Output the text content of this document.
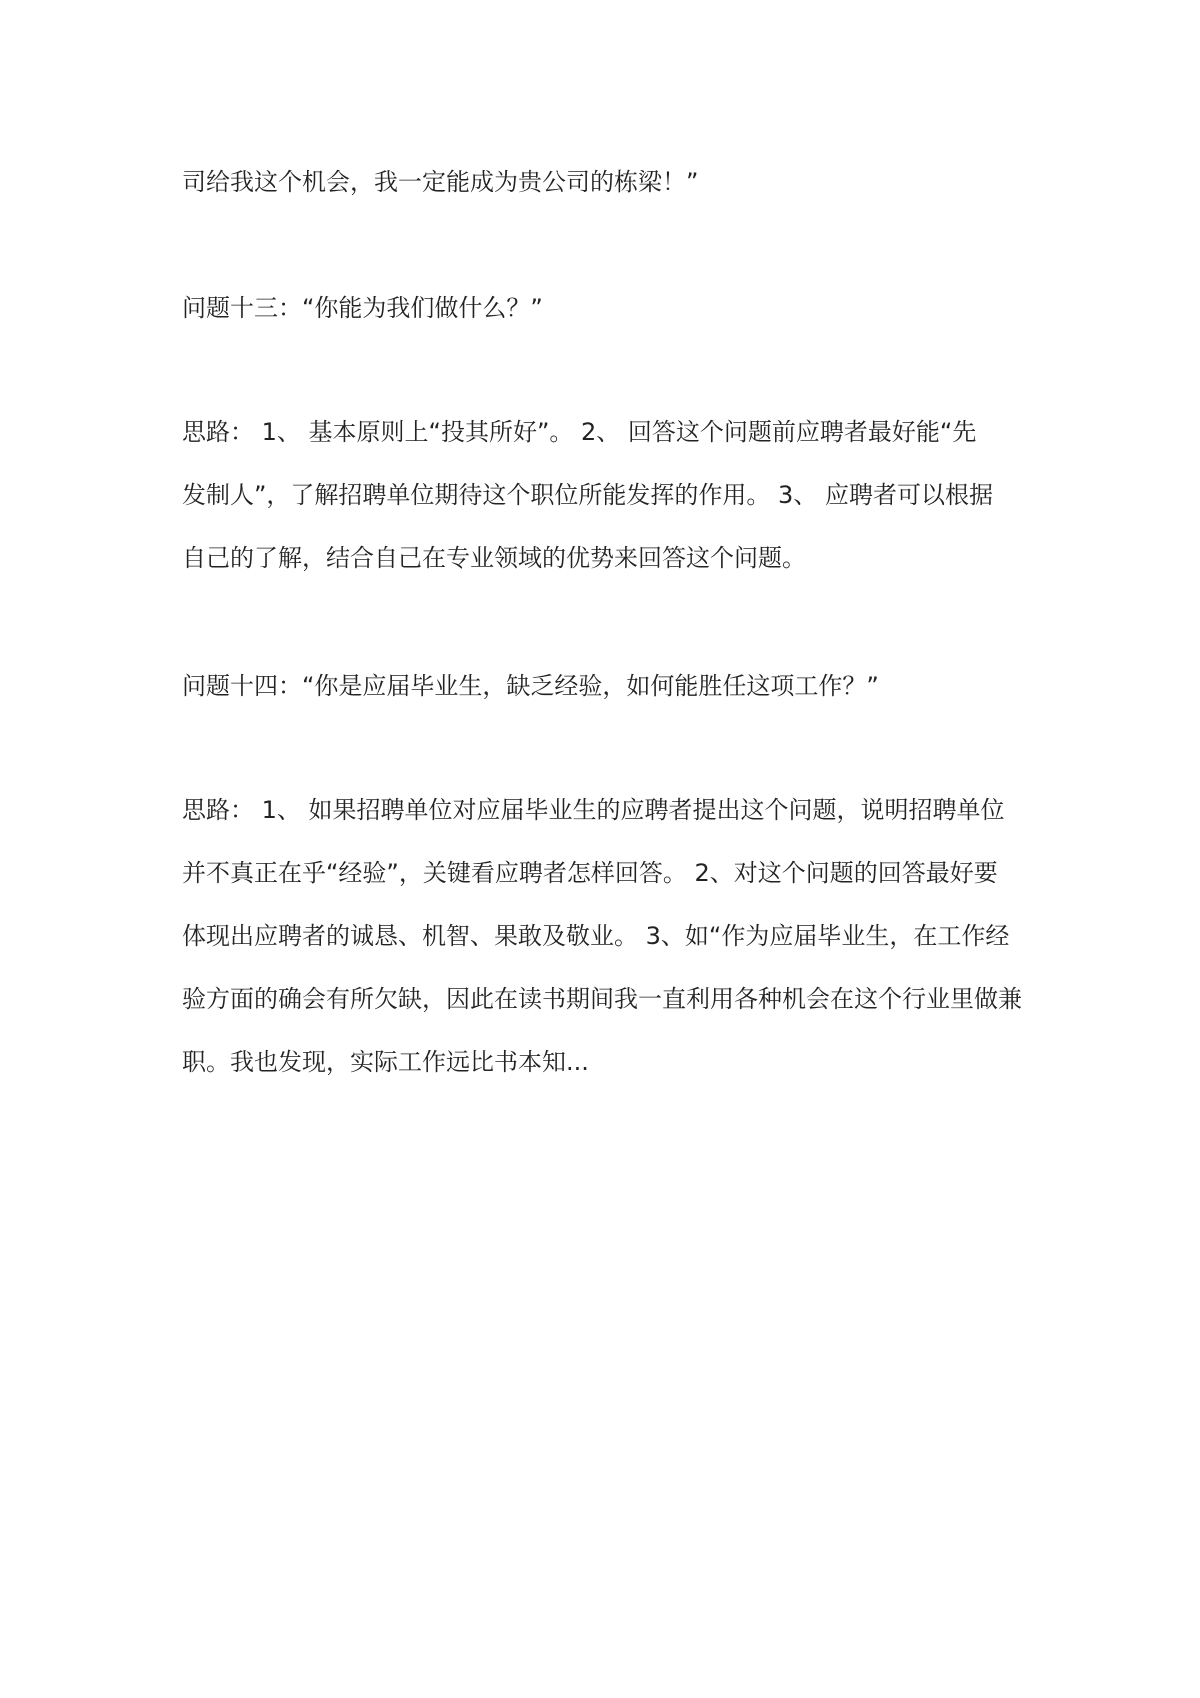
司给我这个机会，我一定能成为贵公司的栋梁！”

问题十三：“你能为我们做什么？”

思路： 1、 基本原则上“投其所好”。 2、 回答这个问题前应聘者最好能“先

发制人”，了解招聘单位期待这个职位所能发挥的作用。 3、 应聘者可以根据

自己的了解，结合自己在专业领域的优势来回答这个问题。

问题十四：“你是应届毕业生，缺乏经验，如何能胜任这项工作？”

思路： 1、 如果招聘单位对应届毕业生的应聘者提出这个问题，说明招聘单位

并不真正在乎“经验”，关键看应聘者怎样回答。 2、对这个问题的回答最好要

体现出应聘者的诚恳、机智、果敢及敬业。 3、如“作为应届毕业生，在工作经

验方面的确会有所欠缺，因此在读书期间我一直利用各种机会在这个行业里做兼

职。我也发现，实际工作远比书本知...
